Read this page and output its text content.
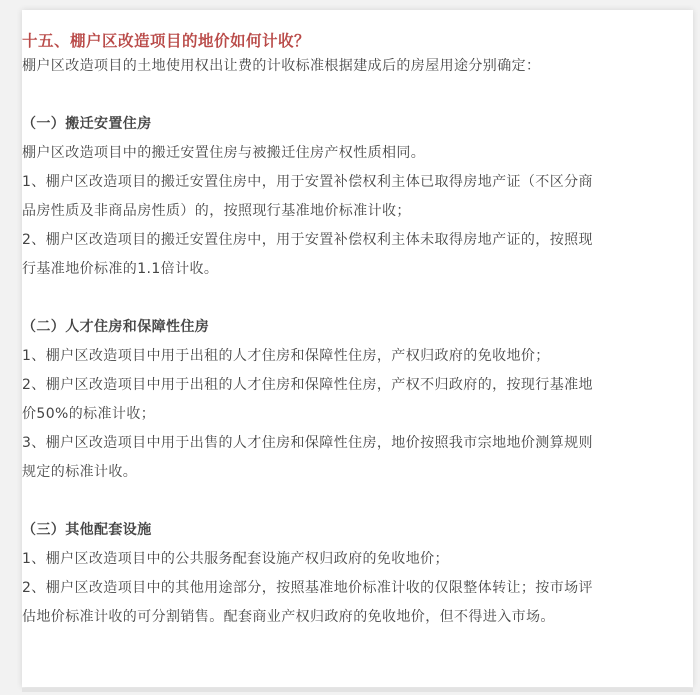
十五、棚户区改造项目的地价如何计收？

棚户区改造项目的土地使用权出让费的计收标准根据建成后的房屋用途分别确定：

（一）搬迁安置住房

棚户区改造项目中的搬迁安置住房与被搬迁住房产权性质相同。

1、棚户区改造项目的搬迁安置住房中，用于安置补偿权利主体已取得房地产证（不区分商

品房性质及非商品房性质）的，按照现行基准地价标准计收；

2、棚户区改造项目的搬迁安置住房中，用于安置补偿权利主体未取得房地产证的，按照现

行基准地价标准的1.1倍计收。

（二）人才住房和保障性住房

1、棚户区改造项目中用于出租的人才住房和保障性住房，产权归政府的免收地价；

2、棚户区改造项目中用于出租的人才住房和保障性住房，产权不归政府的，按现行基准地

价50%的标准计收；

3、棚户区改造项目中用于出售的人才住房和保障性住房，地价按照我市宗地地价测算规则

规定的标准计收。

（三）其他配套设施

1、棚户区改造项目中的公共服务配套设施产权归政府的免收地价；

2、棚户区改造项目中的其他用途部分，按照基准地价标准计收的仅限整体转让；按市场评

估地价标准计收的可分割销售。配套商业产权归政府的免收地价，但不得进入市场。
